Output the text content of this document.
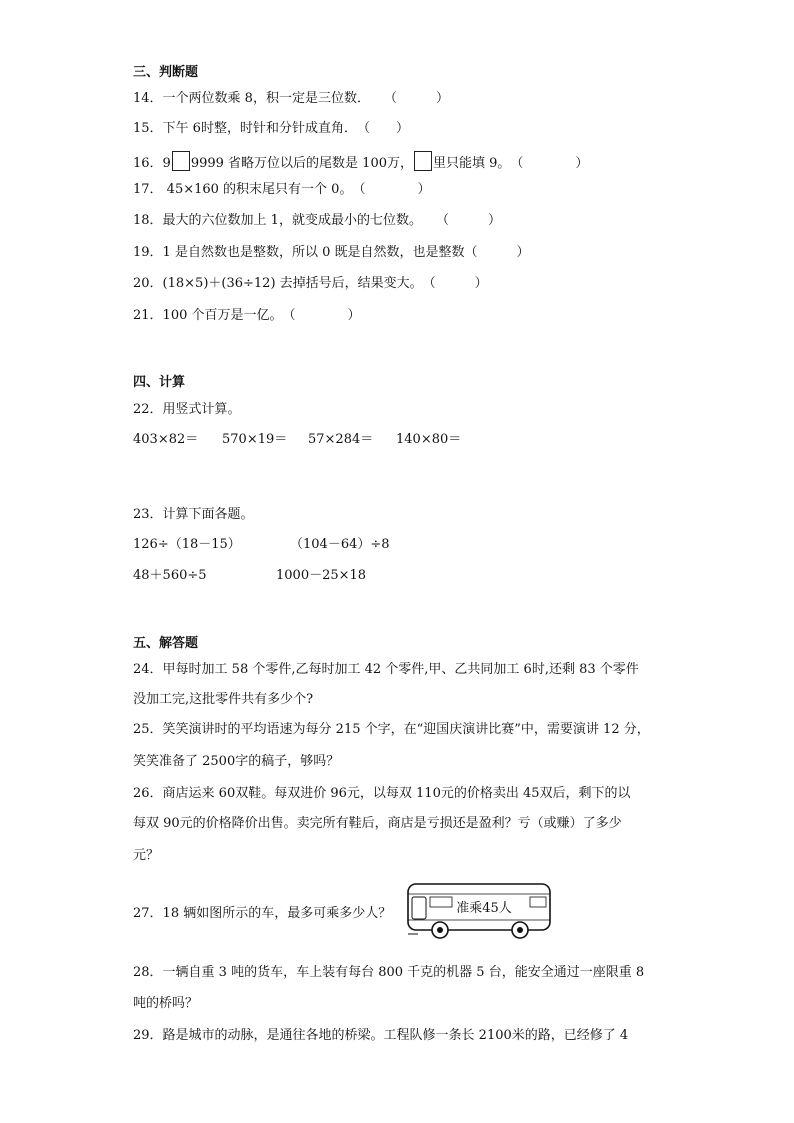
三、判断题
14．一个两位数乘 8，积一定是三位数． （　　　）
15．下午 6时整，时针和分针成直角．（　　）
16．9 9999 省略万位以后的尾数是 100万， 里只能填 9。（　　　　）
17． 45×160 的积末尾只有一个 0。（　　　　）
18．最大的六位数加上 1，就变成最小的七位数。 （　　　）
19．1 是自然数也是整数，所以 0 既是自然数，也是整数（　　　）
20．(18×5)＋(36÷12) 去掉括号后，结果变大。（　　　）
21．100 个百万是一亿。（　　　　）
四、计算
22．用竖式计算。
403×82＝ 570×19＝ 57×284＝ 140×80＝
23．计算下面各题。
126÷（18－15）	（104－64）÷8
48＋560÷5	1000－25×18
五、解答题
24．甲每时加工 58 个零件,乙每时加工 42 个零件,甲、乙共同加工 6时,还剩 83 个零件
没加工完,这批零件共有多少个?
25．笑笑演讲时的平均语速为每分 215 个字，在“迎国庆演讲比赛”中，需要演讲 12 分，
笑笑准备了 2500字的稿子，够吗？
26．商店运来 60双鞋。每双进价 96元，以每双 110元的价格卖出 45双后，剩下的以
每双 90元的价格降价出售。卖完所有鞋后，商店是亏损还是盈利？亏（或赚）了多少
元？
27．18 辆如图所示的车，最多可乘多少人？	准乘45人
28．一辆自重 3 吨的货车，车上装有每台 800 千克的机器 5 台，能安全通过一座限重 8
吨的桥吗？
29．路是城市的动脉，是通往各地的桥梁。工程队修一条长 2100米的路，已经修了 4
